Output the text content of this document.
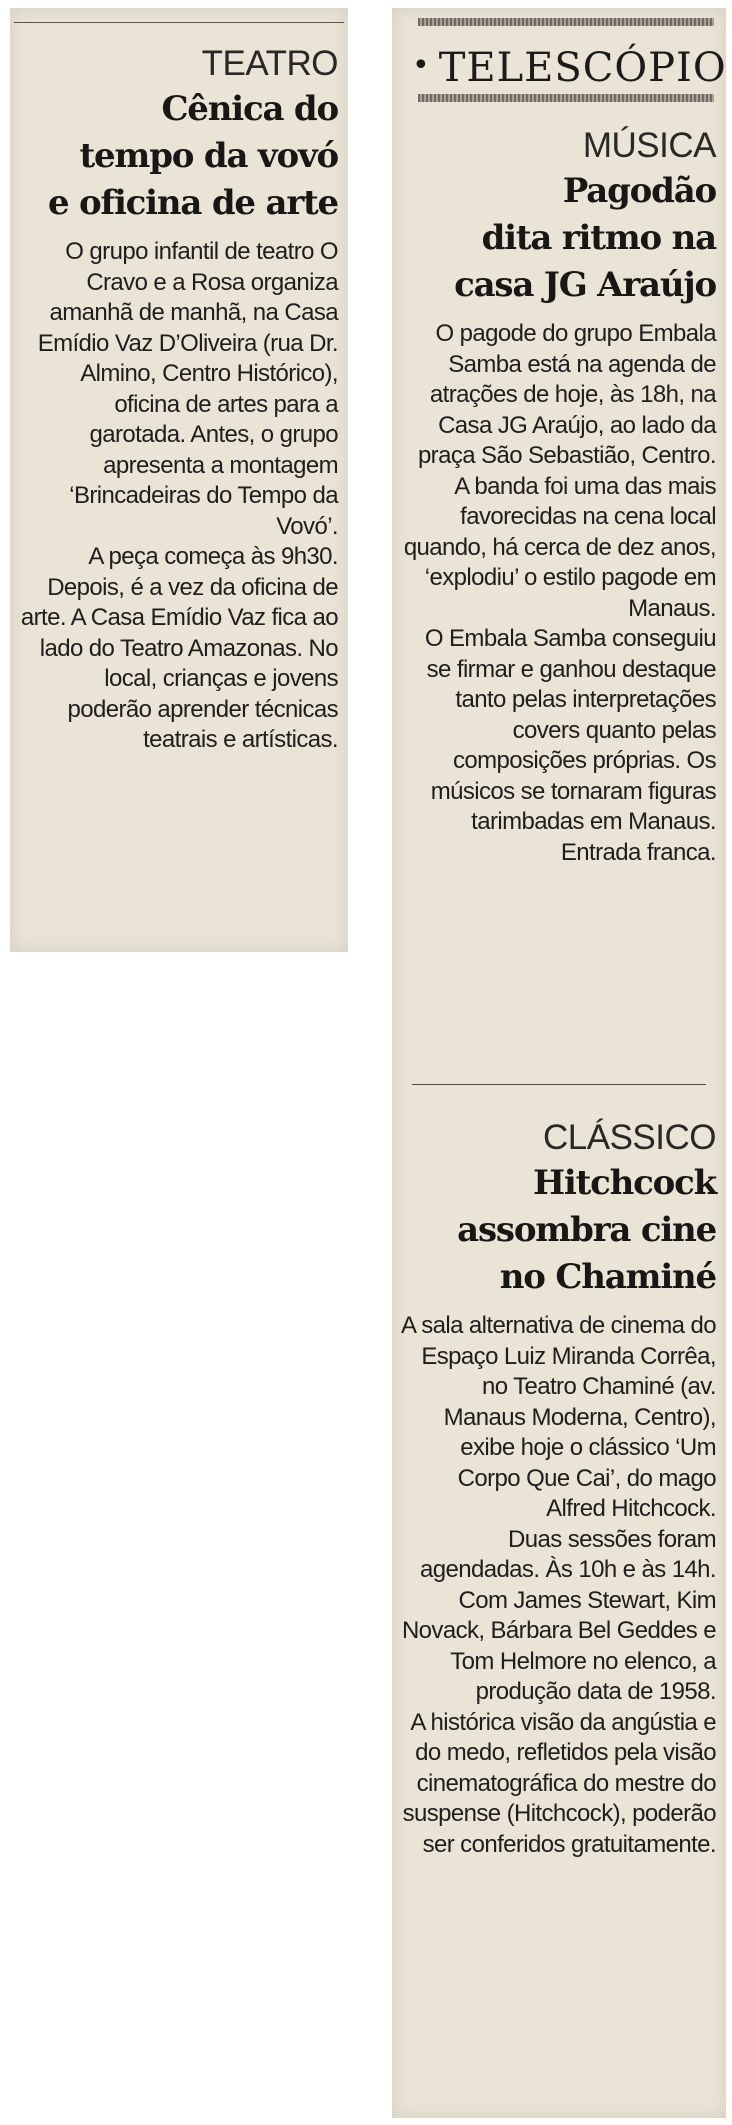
TEATRO
Cênica do
tempo da vovó
e oficina de arte

O grupo infantil de teatro O Cravo e a Rosa organiza amanhã de manhã, na Casa Emídio Vaz D’Oliveira (rua Dr. Almino, Centro Histórico), oficina de artes para a garotada. Antes, o grupo apresenta a montagem ‘Brincadeiras do Tempo da Vovó’.

A peça começa às 9h30. Depois, é a vez da oficina de arte. A Casa Emídio Vaz fica ao lado do Teatro Amazonas. No local, crianças e jovens poderão aprender técnicas teatrais e artísticas.

• TELESCÓPIO
MÚSICA
Pagodão
dita ritmo na
casa JG Araújo

O pagode do grupo Embala Samba está na agenda de atrações de hoje, às 18h, na Casa JG Araújo, ao lado da praça São Sebastião, Centro.

A banda foi uma das mais favorecidas na cena local quando, há cerca de dez anos, ‘explodiu’ o estilo pagode em Manaus.

O Embala Samba conseguiu se firmar e ganhou destaque tanto pelas interpretações covers quanto pelas composições próprias. Os músicos se tornaram figuras tarimbadas em Manaus.

Entrada franca.

CLÁSSICO
Hitchcock
assombra cine
no Chaminé

A sala alternativa de cinema do Espaço Luiz Miranda Corrêa, no Teatro Chaminé (av. Manaus Moderna, Centro), exibe hoje o clássico ‘Um Corpo Que Cai’, do mago Alfred Hitchcock.

Duas sessões foram agendadas. Às 10h e às 14h. Com James Stewart, Kim Novack, Bárbara Bel Geddes e Tom Helmore no elenco, a produção data de 1958.

A histórica visão da angústia e do medo, refletidos pela visão cinematográfica do mestre do suspense (Hitchcock), poderão ser conferidos gratuitamente.
